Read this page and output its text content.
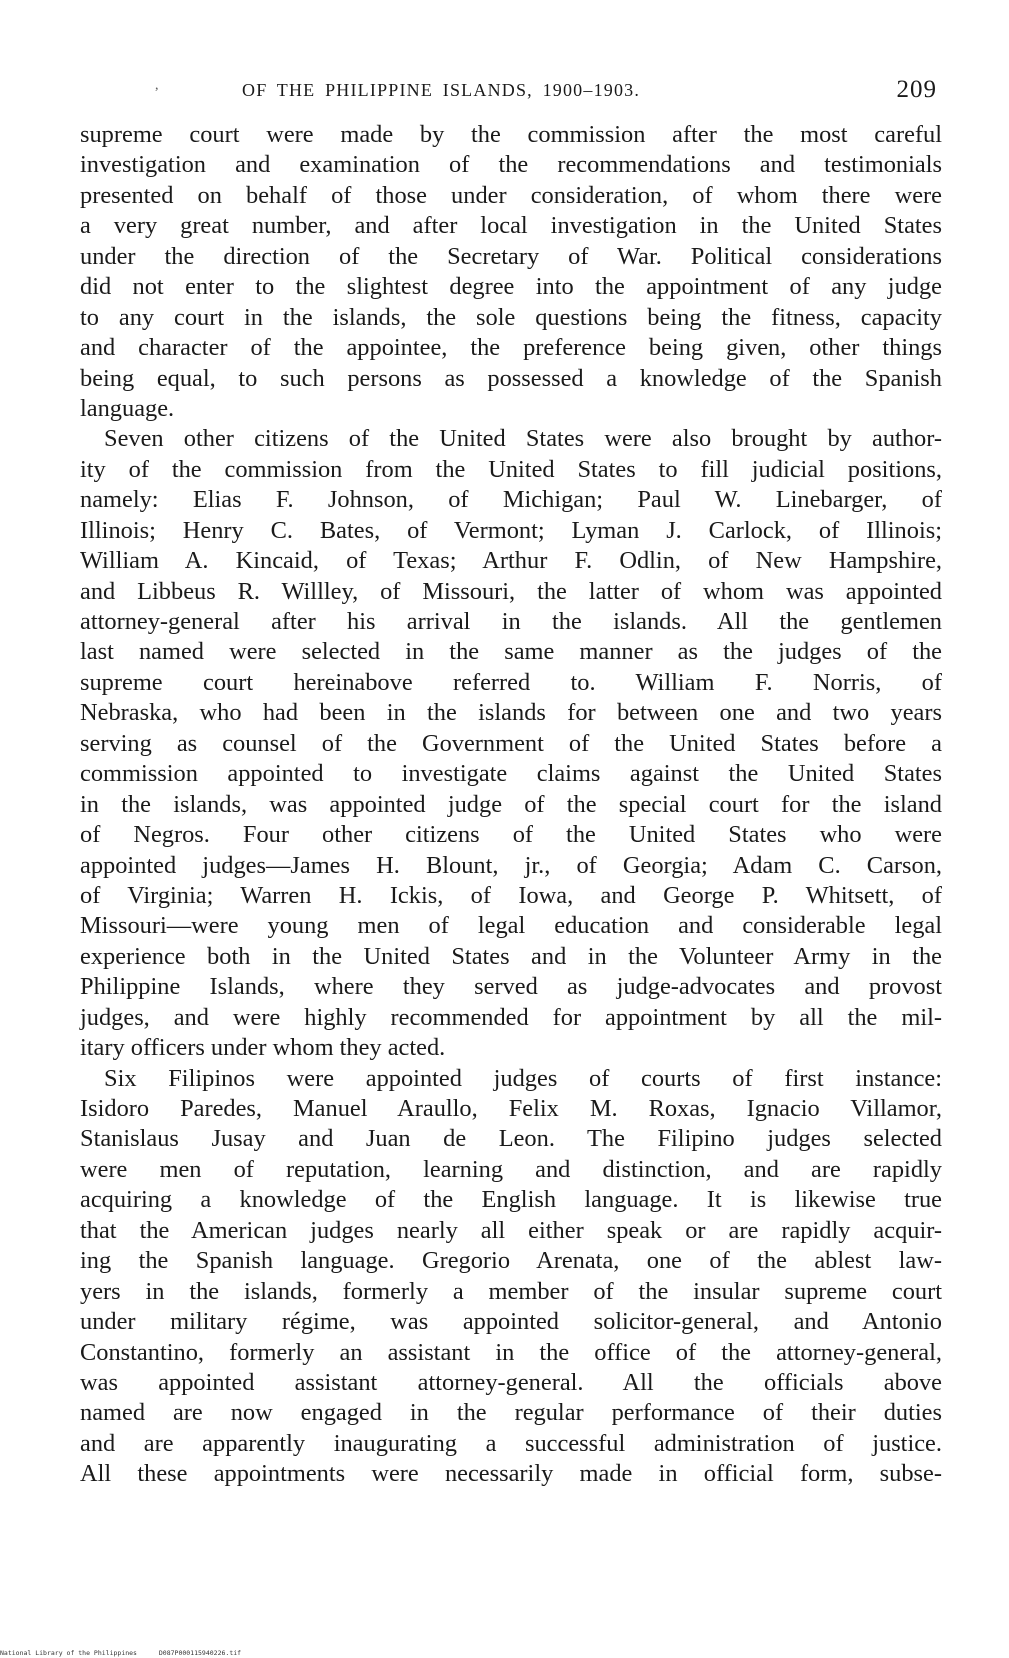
,	OF THE PHILIPPINE ISLANDS, 1900–1903.	209
supreme court were made by the commission after the most careful
investigation and examination of the recommendations and testimonials
presented on behalf of those under consideration, of whom there were
a very great number, and after local investigation in the United States
under the direction of the Secretary of War. Political considerations
did not enter to the slightest degree into the appointment of any judge
to any court in the islands, the sole questions being the fitness, capacity
and character of the appointee, the preference being given, other things
being equal, to such persons as possessed a knowledge of the Spanish
language.
Seven other citizens of the United States were also brought by author-
ity of the commission from the United States to fill judicial positions,
namely: Elias F. Johnson, of Michigan; Paul W. Linebarger, of
Illinois; Henry C. Bates, of Vermont; Lyman J. Carlock, of Illinois;
William A. Kincaid, of Texas; Arthur F. Odlin, of New Hampshire,
and Libbeus R. Willley, of Missouri, the latter of whom was appointed
attorney-general after his arrival in the islands. All the gentlemen
last named were selected in the same manner as the judges of the
supreme court hereinabove referred to. William F. Norris, of
Nebraska, who had been in the islands for between one and two years
serving as counsel of the Government of the United States before a
commission appointed to investigate claims against the United States
in the islands, was appointed judge of the special court for the island
of Negros. Four other citizens of the United States who were
appointed judges—James H. Blount, jr., of Georgia; Adam C. Carson,
of Virginia; Warren H. Ickis, of Iowa, and George P. Whitsett, of
Missouri—were young men of legal education and considerable legal
experience both in the United States and in the Volunteer Army in the
Philippine Islands, where they served as judge-advocates and provost
judges, and were highly recommended for appointment by all the mil-
itary officers under whom they acted.
Six Filipinos were appointed judges of courts of first instance:
Isidoro Paredes, Manuel Araullo, Felix M. Roxas, Ignacio Villamor,
Stanislaus Jusay and Juan de Leon. The Filipino judges selected
were men of reputation, learning and distinction, and are rapidly
acquiring a knowledge of the English language. It is likewise true
that the American judges nearly all either speak or are rapidly acquir-
ing the Spanish language. Gregorio Arenata, one of the ablest law-
yers in the islands, formerly a member of the insular supreme court
under military régime, was appointed solicitor-general, and Antonio
Constantino, formerly an assistant in the office of the attorney-general,
was appointed assistant attorney-general. All the officials above
named are now engaged in the regular performance of their duties
and are apparently inaugurating a successful administration of justice.
All these appointments were necessarily made in official form, subse-
National Library of the Philippines	D087P000115940226.tif
